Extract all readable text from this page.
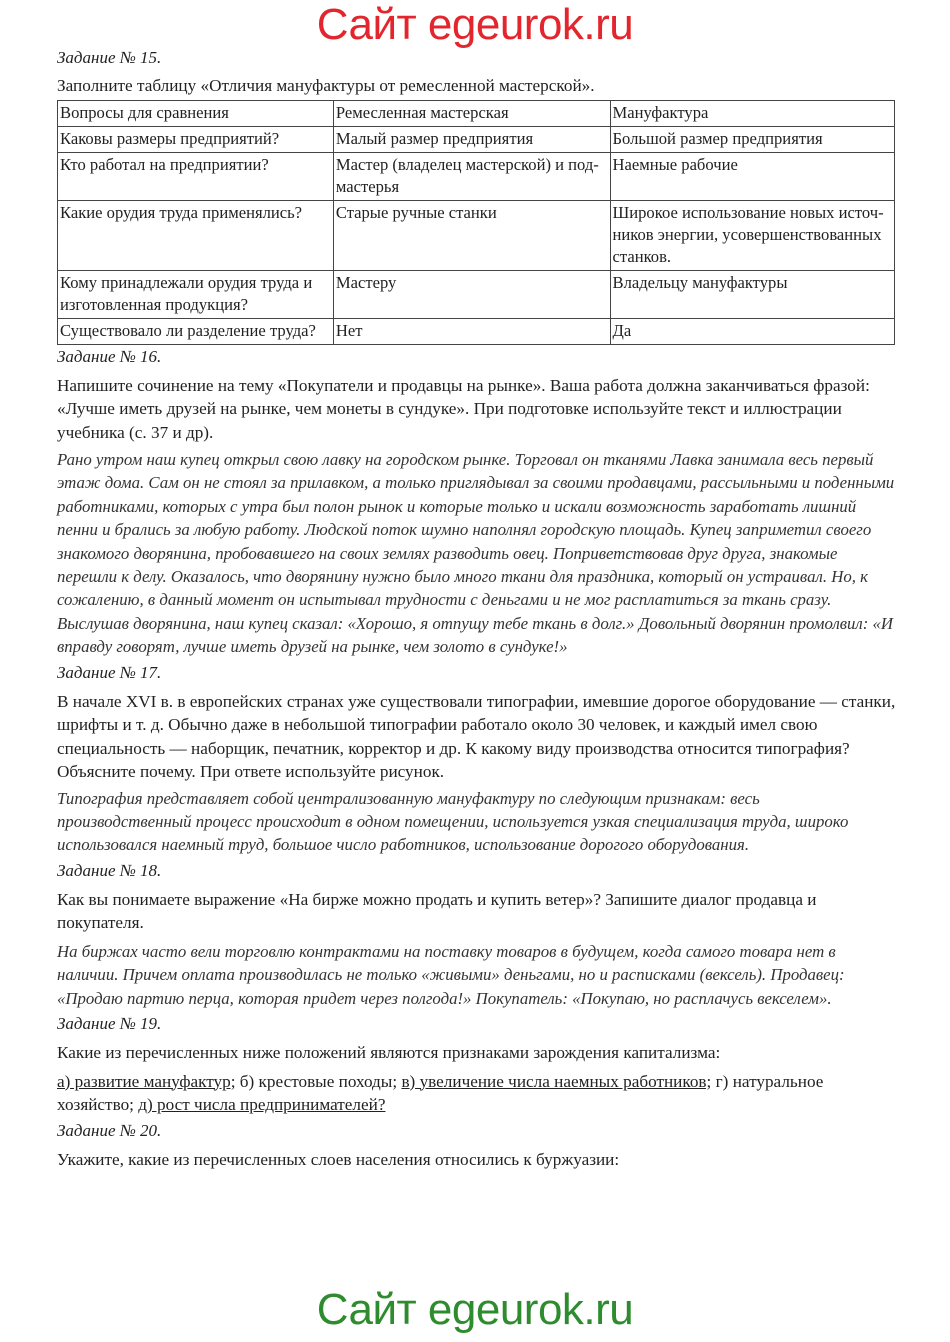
Сайт egeurok.ru
Задание № 15.
Заполните таблицу «Отличия мануфактуры от ремесленной мастерской».
Вопросы для сравнения	Ремесленная мастерская	Мануфактура
Каковы размеры предприятий?	Малый размер предприятия	Большой размер предприятия
Кто работал на предприятии?	Мастер (владелец мастерской) и под-мастерья	Наемные рабочие
Какие орудия труда применялись?	Старые ручные станки	Широкое использование новых источ-ников энергии, усовершенствованных станков.
Кому принадлежали орудия труда и изготовленная продукция?	Мастеру	Владельцу мануфактуры
Существовало ли разделение труда?	Нет	Да
Задание № 16.
Напишите сочинение на тему «Покупатели и продавцы на рынке». Ваша работа должна заканчиваться фразой: «Лучше иметь друзей на рынке, чем монеты в сундуке». При подготовке используйте текст и иллюстрации учебника (с. 37 и др).
Рано утром наш купец открыл свою лавку на городском рынке. Торговал он тканями Лавка занимала весь первый этаж дома. Сам он не стоял за прилавком, а только приглядывал за своими продавцами, рассыльными и поденными работниками, которых с утра был полон рынок и которые только и искали возможность заработать лишний пенни и брались за любую работу. Людской поток шумно наполнял городскую площадь. Купец заприметил своего знакомого дворянина, пробовавшего на своих землях разводить овец. Поприветствовав друг друга, знакомые перешли к делу. Оказалось, что дворянину нужно было много ткани для праздника, который он устраивал. Но, к сожалению, в данный момент он испытывал трудности с деньгами и не мог расплатиться за ткань сразу. Выслушав дворянина, наш купец сказал: «Хорошо, я отпущу тебе ткань в долг.» Довольный дворянин промолвил: «И вправду говорят, лучше иметь друзей на рынке, чем золото в сундуке!»
Задание № 17.
В начале XVI в. в европейских странах уже существовали типографии, имевшие дорогое оборудование — станки, шрифты и т. д. Обычно даже в небольшой типографии работало около 30 человек, и каждый имел свою специальность — наборщик, печатник, корректор и др. К какому виду производства относится типография? Объясните почему. При ответе используйте рисунок.
Типография представляет собой централизованную мануфактуру по следующим признакам: весь производственный процесс происходит в одном помещении, используется узкая специализация труда, широко использовался наемный труд, большое число работников, использование дорогого оборудования.
Задание № 18.
Как вы понимаете выражение «На бирже можно продать и купить ветер»? Запишите диалог продавца и покупателя.
На биржах часто вели торговлю контрактами на поставку товаров в будущем, когда самого товара нет в наличии. Причем оплата производилась не только «живыми» деньгами, но и расписками (вексель). Продавец: «Продаю партию перца, которая придет через полгода!» Покупатель: «Покупаю, но расплачусь векселем».
Задание № 19.
Какие из перечисленных ниже положений являются признаками зарождения капитализма:
а) развитие мануфактур; б) крестовые походы; в) увеличение числа наемных работников; г) натуральное хозяйство; д) рост числа предпринимателей?
Задание № 20.
Укажите, какие из перечисленных слоев населения относились к буржуазии:
Сайт egeurok.ru
